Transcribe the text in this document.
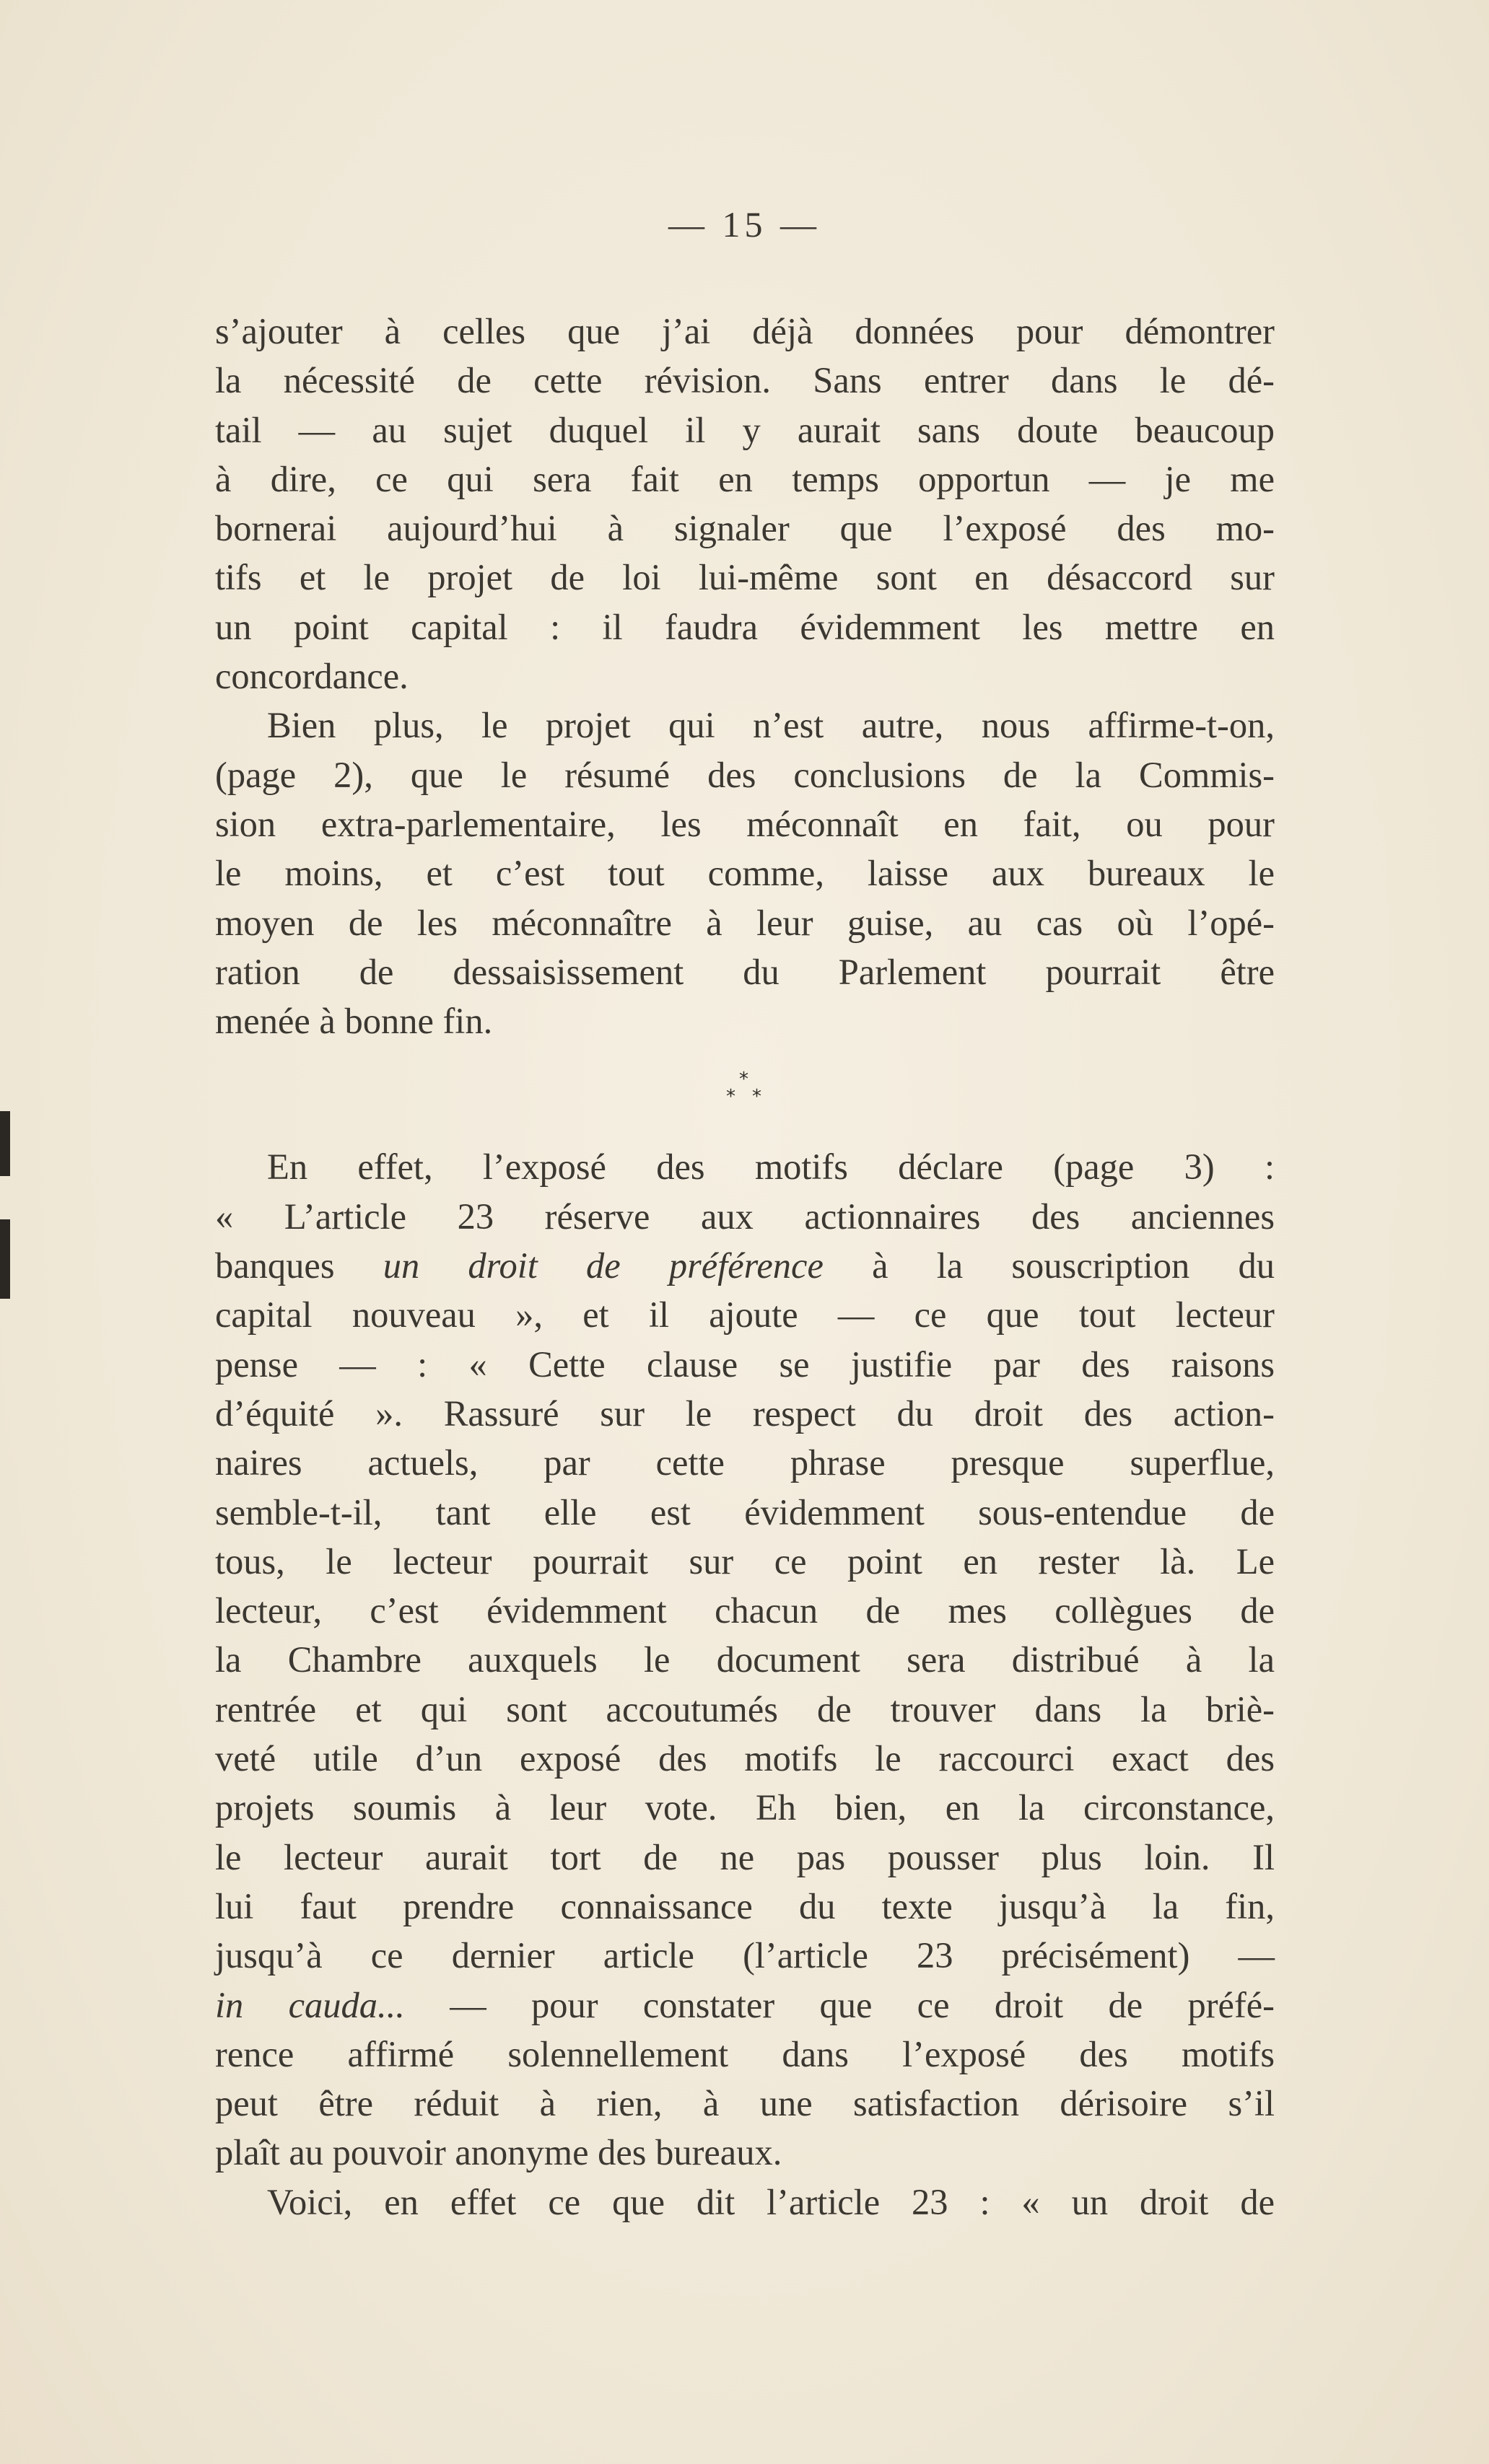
— 15 —

s’ajouter à celles que j’ai déjà données pour démontrer

la nécessité de cette révision. Sans entrer dans le dé-

tail — au sujet duquel il y aurait sans doute beaucoup

à dire, ce qui sera fait en temps opportun — je me

bornerai aujourd’hui à signaler que l’exposé des mo-

tifs et le projet de loi lui-même sont en désaccord sur

un point capital : il faudra évidemment les mettre en

concordance.

Bien plus, le projet qui n’est autre, nous affirme-t-on,

(page 2), que le résumé des conclusions de la Commis-

sion extra-parlementaire, les méconnaît en fait, ou pour

le moins, et c’est tout comme, laisse aux bureaux le

moyen de les méconnaître à leur guise, au cas où l’opé-

ration de dessaisissement du Parlement pourrait être

menée à bonne fin.

*
* *

En effet, l’exposé des motifs déclare (page 3) :

« L’article 23 réserve aux actionnaires des anciennes

banques un droit de préférence à la souscription du

capital nouveau », et il ajoute — ce que tout lecteur

pense — : « Cette clause se justifie par des raisons

d’équité ». Rassuré sur le respect du droit des action-

naires actuels, par cette phrase presque superflue,

semble-t-il, tant elle est évidemment sous-entendue de

tous, le lecteur pourrait sur ce point en rester là. Le

lecteur, c’est évidemment chacun de mes collègues de

la Chambre auxquels le document sera distribué à la

rentrée et qui sont accoutumés de trouver dans la briè-

veté utile d’un exposé des motifs le raccourci exact des

projets soumis à leur vote. Eh bien, en la circonstance,

le lecteur aurait tort de ne pas pousser plus loin. Il

lui faut prendre connaissance du texte jusqu’à la fin,

jusqu’à ce dernier article (l’article 23 précisément) —

in cauda... — pour constater que ce droit de préfé-

rence affirmé solennellement dans l’exposé des motifs

peut être réduit à rien, à une satisfaction dérisoire s’il

plaît au pouvoir anonyme des bureaux.

Voici, en effet ce que dit l’article 23 : « un droit de
